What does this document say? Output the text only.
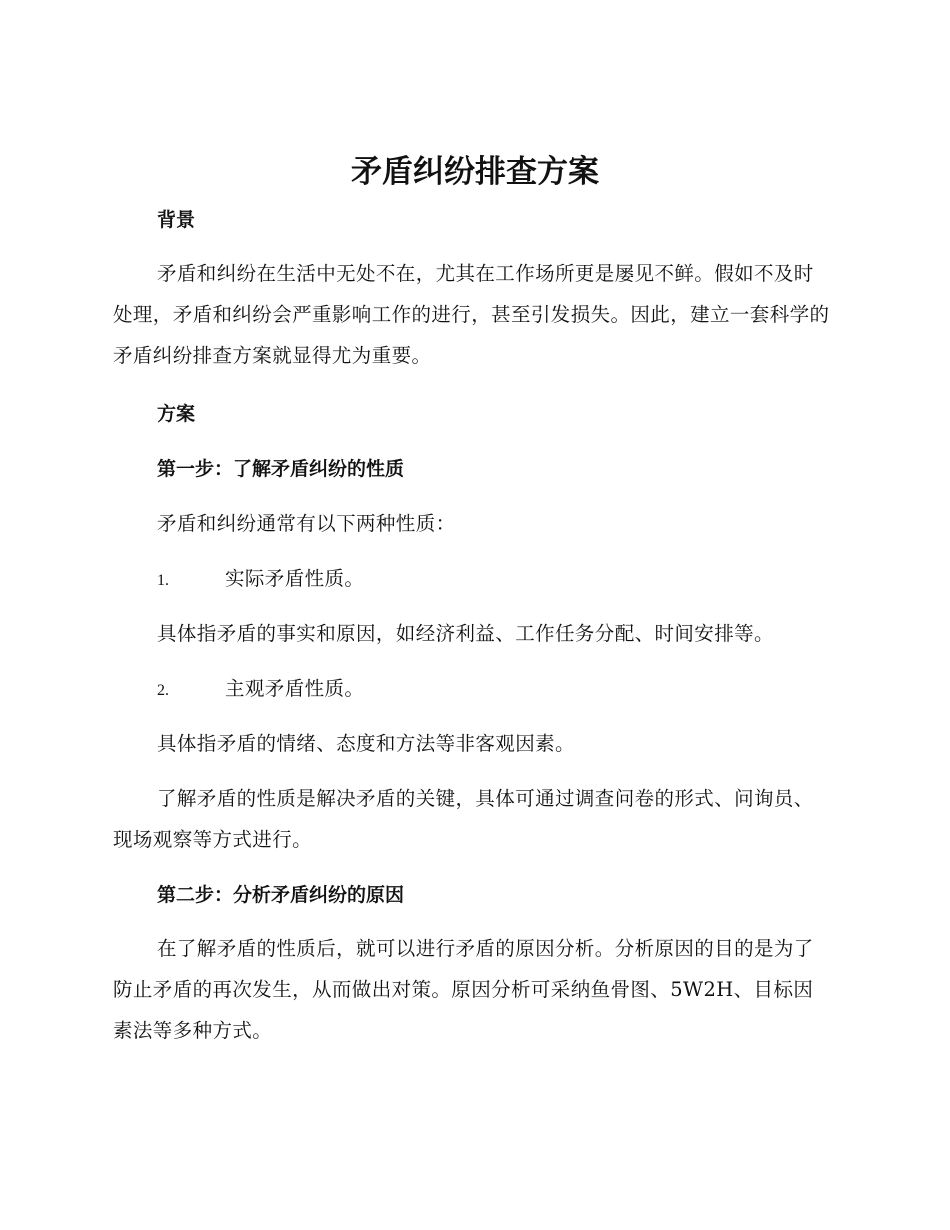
矛盾纠纷排查方案
背景

矛盾和纠纷在生活中无处不在，尤其在工作场所更是屡见不鲜。假如不及时处理，矛盾和纠纷会严重影响工作的进行，甚至引发损失。因此，建立一套科学的矛盾纠纷排查方案就显得尤为重要。

方案
第一步：了解矛盾纠纷的性质

矛盾和纠纷通常有以下两种性质：

1.	实际矛盾性质。

具体指矛盾的事实和原因，如经济利益、工作任务分配、时间安排等。

2.	主观矛盾性质。

具体指矛盾的情绪、态度和方法等非客观因素。

了解矛盾的性质是解决矛盾的关键，具体可通过调查问卷的形式、问询员、现场观察等方式进行。

第二步：分析矛盾纠纷的原因

在了解矛盾的性质后，就可以进行矛盾的原因分析。分析原因的目的是为了防止矛盾的再次发生，从而做出对策。原因分析可采纳鱼骨图、5W2H、目标因素法等多种方式。
